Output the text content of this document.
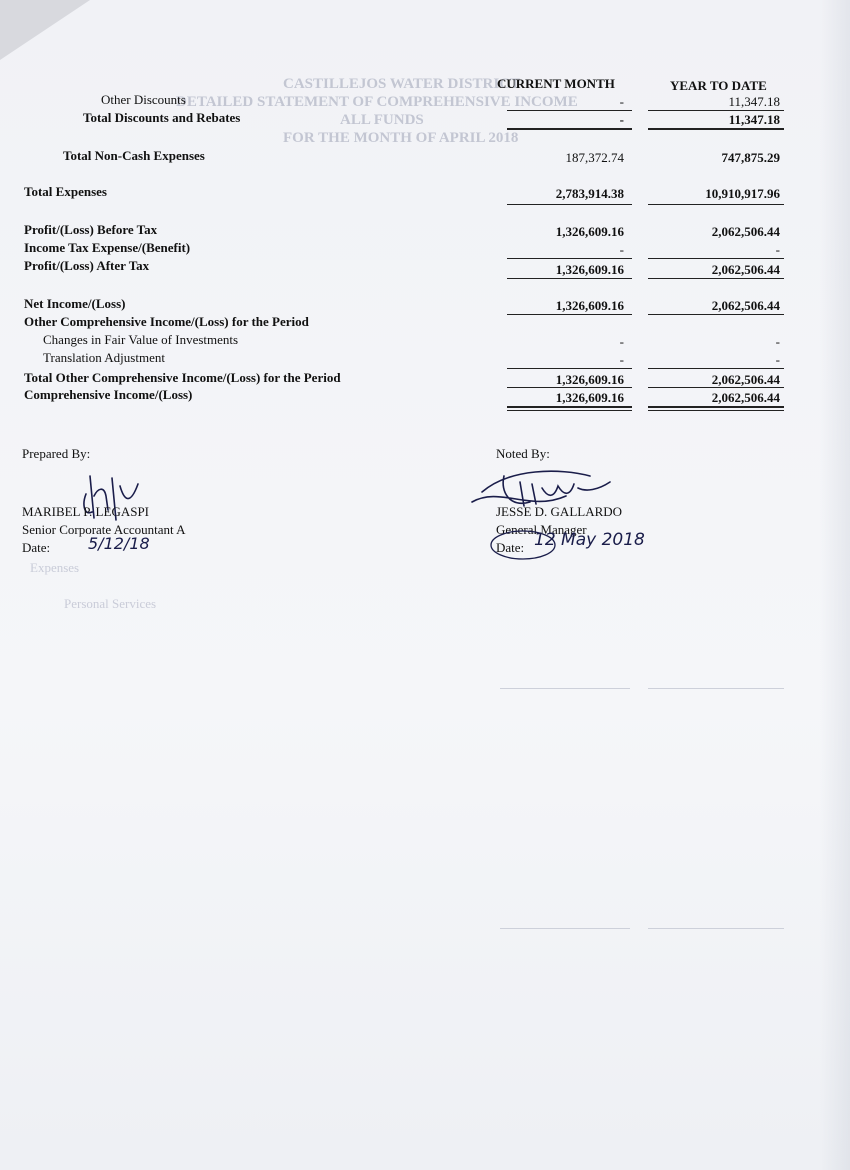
CASTILLEJOS WATER DISTRICT
DETAILED STATEMENT OF COMPREHENSIVE INCOME
ALL FUNDS
FOR THE MONTH OF APRIL 2018
CURRENT MONTH	YEAR TO DATE
Other Discounts	-	11,347.18
Total Discounts and Rebates	-	11,347.18
Total Non-Cash Expenses	187,372.74	747,875.29
Total Expenses	2,783,914.38	10,910,917.96
Profit/(Loss) Before Tax	1,326,609.16	2,062,506.44
Income Tax Expense/(Benefit)	-	-
Profit/(Loss) After Tax	1,326,609.16	2,062,506.44
Net Income/(Loss)	1,326,609.16	2,062,506.44
Other Comprehensive Income/(Loss) for the Period
Changes in Fair Value of Investments	-	-
Translation Adjustment	-	-
Total Other Comprehensive Income/(Loss) for the Period	1,326,609.16	2,062,506.44
Comprehensive Income/(Loss)	1,326,609.16	2,062,506.44
Prepared By:
MARIBEL P. LEGASPI
Senior Corporate Accountant A
Date: 5/12/18
Noted By:
JESSE D. GALLARDO
General Manager
Date: 12 May 2018
Expenses
Personal Services
